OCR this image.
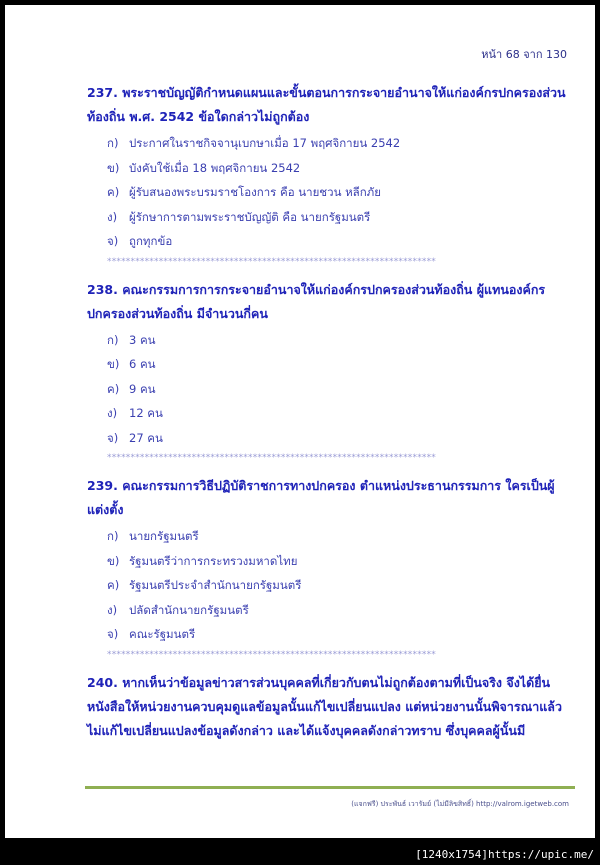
หน้า 68 จาก 130
237. พระราชบัญญัติกำหนดแผนและขั้นตอนการกระจายอำนาจให้แก่องค์กรปกครองส่วนท้องถิ่น พ.ศ. 2542 ข้อใดกล่าวไม่ถูกต้อง
ก) ประกาศในราชกิจจานุเบกษาเมื่อ 17 พฤศจิกายน 2542
ข) บังคับใช้เมื่อ 18 พฤศจิกายน 2542
ค) ผู้รับสนองพระบรมราชโองการ คือ นายชวน หลีกภัย
ง)	ผู้รักษาการตามพระราชบัญญัติ คือ นายกรัฐมนตรี
จ) ถูกทุกข้อ
**********************************************************************
238. คณะกรรมการการกระจายอำนาจให้แก่องค์กรปกครองส่วนท้องถิ่น ผู้แทนองค์กรปกครองส่วนท้องถิ่น มีจำนวนกี่คน
ก) 3 คน
ข) 6 คน
ค) 9 คน
ง)	12 คน
จ) 27 คน
**********************************************************************
239. คณะกรรมการวิธีปฏิบัติราชการทางปกครอง ตำแหน่งประธานกรรมการ ใครเป็นผู้แต่งตั้ง
ก) นายกรัฐมนตรี
ข) รัฐมนตรีว่าการกระทรวงมหาดไทย
ค) รัฐมนตรีประจำสำนักนายกรัฐมนตรี
ง)	ปลัดสำนักนายกรัฐมนตรี
จ) คณะรัฐมนตรี
**********************************************************************
240. หากเห็นว่าข้อมูลข่าวสารส่วนบุคคลที่เกี่ยวกับตนไม่ถูกต้องตามที่เป็นจริง จึงได้ยื่นหนังสือให้หน่วยงานควบคุมดูแลข้อมูลนั้นแก้ไขเปลี่ยนแปลง แต่หน่วยงานนั้นพิจารณาแล้วไม่แก้ไขเปลี่ยนแปลงข้อมูลดังกล่าว และได้แจ้งบุคคลดังกล่าวทราบ ซึ่งบุคคลผู้นั้นมี
(แจกฟรี) ประพันธ์ เวารัมย์ (ไม่มีลิขสิทธิ์) http://valrom.igetweb.com
[1240x1754]https://upic.me/
